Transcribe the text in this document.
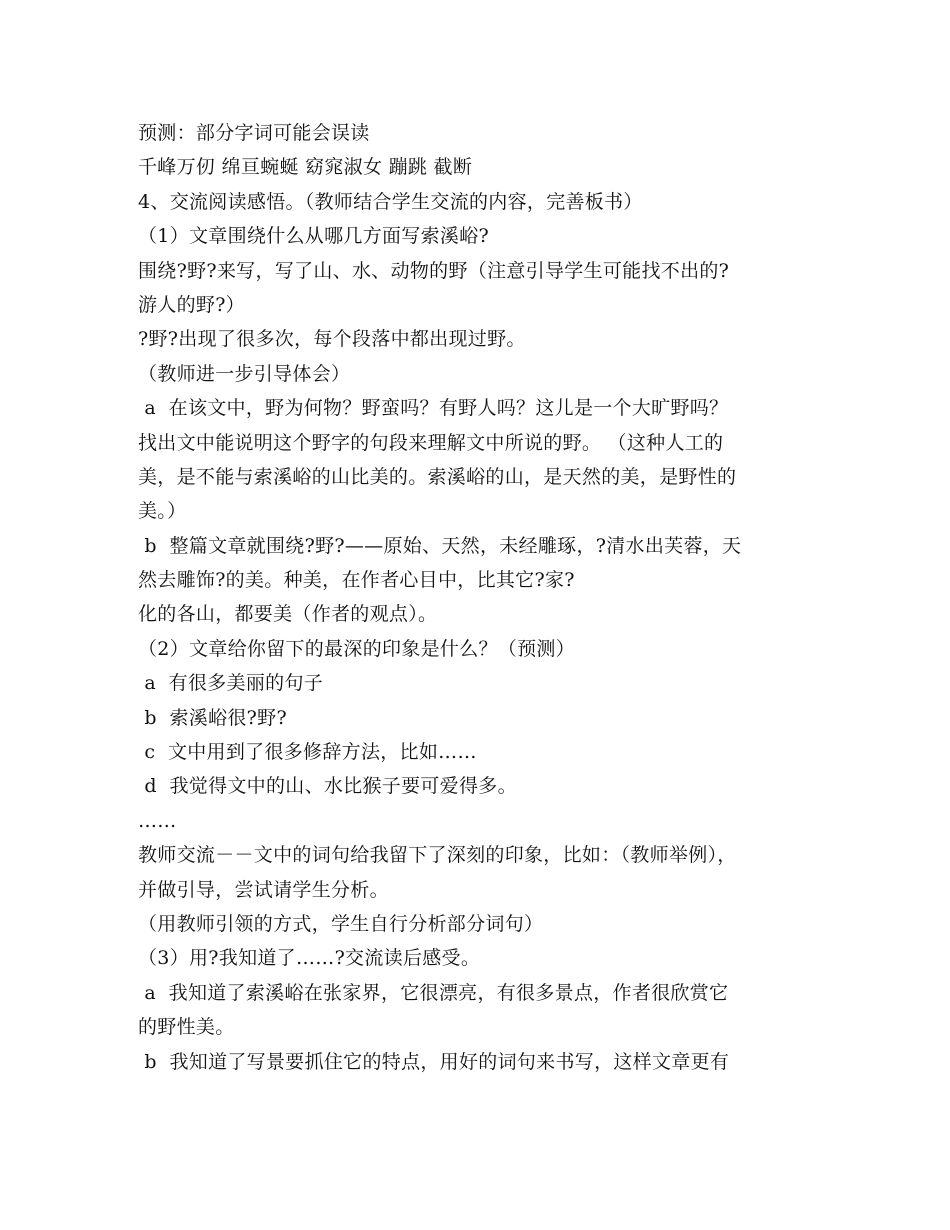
预测：部分字词可能会误读
千峰万仞 绵亘蜿蜒 窈窕淑女 蹦跳 截断
4、交流阅读感悟。（教师结合学生交流的内容，完善板书）
（1）文章围绕什么从哪几方面写索溪峪?
围绕?野?来写，写了山、水、动物的野（注意引导学生可能找不出的?
游人的野?）
?野?出现了很多次，每个段落中都出现过野。
（教师进一步引导体会）
a  在该文中，野为何物？野蛮吗？有野人吗？这儿是一个大旷野吗？
找出文中能说明这个野字的句段来理解文中所说的野。 （这种人工的
美，是不能与索溪峪的山比美的。索溪峪的山，是天然的美，是野性的
美。）
b  整篇文章就围绕?野?——原始、天然，未经雕琢，?清水出芙蓉，天
然去雕饰?的美。种美，在作者心目中，比其它?家?
化的各山，都要美（作者的观点）。
（2）文章给你留下的最深的印象是什么？（预测）
a  有很多美丽的句子
b  索溪峪很?野?
c  文中用到了很多修辞方法，比如……
d  我觉得文中的山、水比猴子要可爱得多。
……
教师交流－－文中的词句给我留下了深刻的印象，比如：（教师举例），
并做引导，尝试请学生分析。
（用教师引领的方式，学生自行分析部分词句）
（3）用?我知道了……?交流读后感受。
a  我知道了索溪峪在张家界，它很漂亮，有很多景点，作者很欣赏它
的野性美。
b  我知道了写景要抓住它的特点，用好的词句来书写，这样文章更有
